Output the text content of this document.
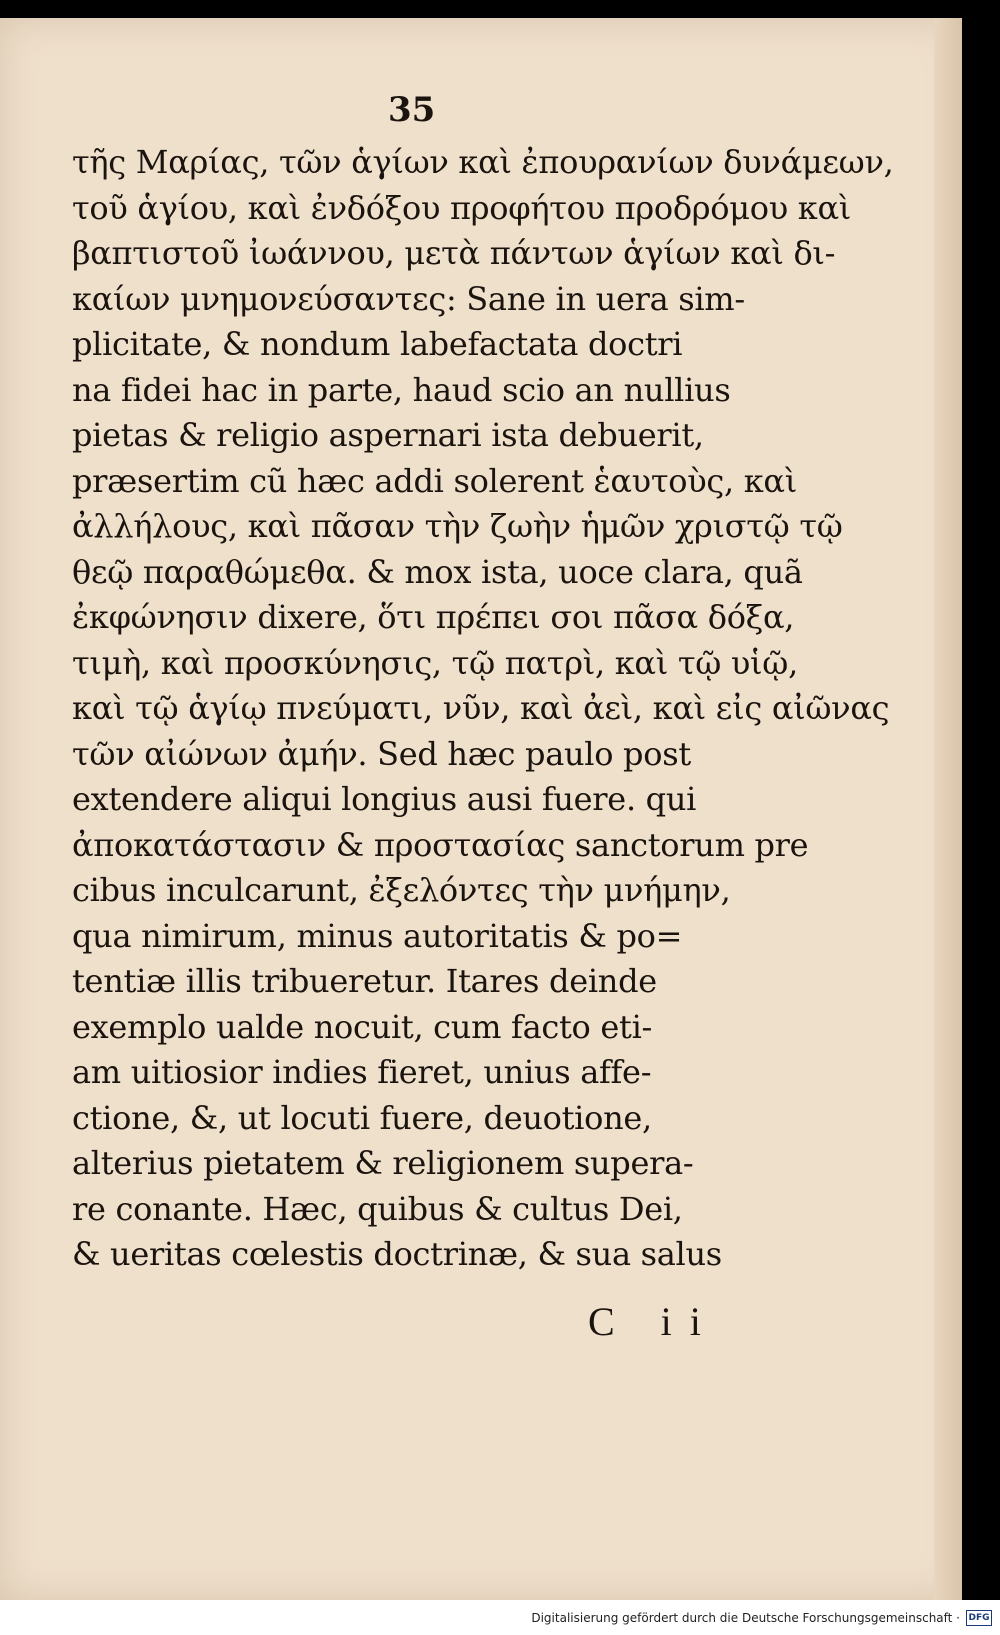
35
τῆς Μαρίας, τῶν ἁγίων καὶ ἐπουρανίων δυνάμεων,
τοῦ ἁγίου, καὶ ἐνδόξου προφήτου προδρόμου καὶ
βαπτιστοῦ ἰωάννου, μετὰ πάντων ἁγίων καὶ δι-
καίων μνημονεύσαντες: Sane in uera sim-
plicitate, & nondum labefactata doctri
na fidei hac in parte, haud scio an nullius
pietas & religio aspernari ista debuerit,
præsertim cũ hæc addi solerent ἑαυτοὺς, καὶ
ἀλλήλους, καὶ πᾶσαν τὴν ζωὴν ἡμῶν χριστῷ τῷ
θεῷ παραθώμεθα. & mox ista, uoce clara, quã
ἐκφώνησιν dixere, ὅτι πρέπει σοι πᾶσα δόξα,
τιμὴ, καὶ προσκύνησις, τῷ πατρὶ, καὶ τῷ υἱῷ,
καὶ τῷ ἁγίῳ πνεύματι, νῦν, καὶ ἀεὶ, καὶ εἰς αἰῶνας
τῶν αἰώνων ἀμήν. Sed hæc paulo post
extendere aliqui longius ausi fuere. qui
ἀποκατάστασιν & προστασίας sanctorum pre
cibus inculcarunt, ἐξελόντες τὴν μνήμην,
qua nimirum, minus autoritatis & po=
tentiæ illis tribueretur. Itares deinde
exemplo ualde nocuit, cum facto eti-
am uitiosior indies fieret, unius affe-
ctione, &, ut locuti fuere, deuotione,
alterius pietatem & religionem supera-
re conante. Hæc, quibus & cultus Dei,
& ueritas cœlestis doctrinæ, & sua salus
C ii
Digitalisierung gefördert durch die Deutsche Forschungsgemeinschaft · DFG
